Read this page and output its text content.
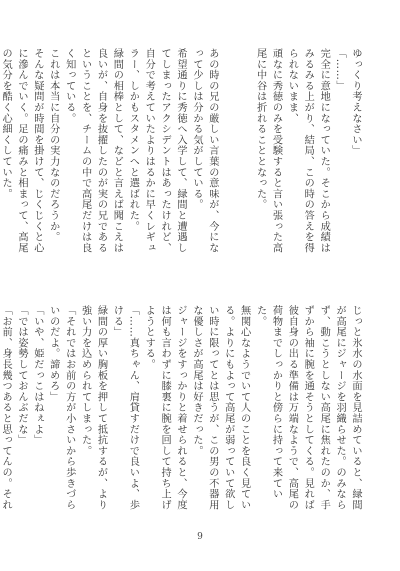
ゆっくり考えなさい」

「……」

完全に意地になっていた。そこから成績はみるみる上がり、結局、この時の答えを得られないまま、

頑なに秀徳のみを受験すると言い張った高尾に中谷は折れることとなった。

あの時の兄の厳しい言葉の意味が、今になって少しは分かる気がしている。

希望通りに秀徳へ入学して、緑間と遭遇してしまったアクシデントはあったけれど、自分で考えていたよりはるかに早くレギュラー、しかもスタメンへと選ばれた。

緑間の相棒として、などと言えば聞こえは良いが、自身を抜擢したのが実の兄であるということを、チームの中で高尾だけは良く知っている。

これは本当に自分の実力なのだろうか。

そんな疑問が時間を掛けて、じくじくと心に滲んでいく。足の痛みと相まって、高尾の気分を酷く心細くしていた。

じっと氷水の水面を見詰めていると、緑間が高尾にジャージを羽織らせた。のみならず、動こうとしない高尾に焦れたのか、手ずから袖に腕を通そうとしてくる。見れば彼自身の出る準備は万端なようで、高尾の荷物までしっかりと傍らに持って来ていた。

無関心なようでいて人のことを良く見ている。よりにもよって高尾が弱っていて欲しい時に限ってとは思うが、この男の不器用な優しさが高尾は好きだった。

ジャージをすっかりと着せられると、今度は何も言わずに膝裏に腕を回して持ち上げようとする。

「……真ちゃん、肩貸すだけで良いよ、歩ける」

緑間の厚い胸板を押して抵抗するが、より強い力を込められてしまった。

「それではお前の方が小さいから歩きづらいのだよ。諦めろ」

「いや、姫だっこはねぇよ」

「では姿勢しておんぶだな」

「お前、身長幾つあると思ってんの。それ

9
